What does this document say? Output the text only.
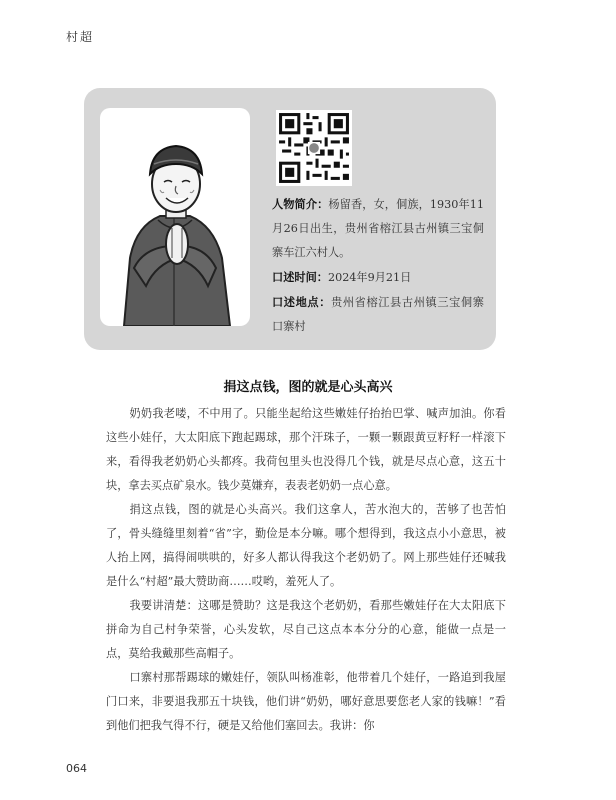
村超

人物简介：杨留香，女，侗族，1930年11月26日出生，贵州省榕江县古州镇三宝侗寨车江六村人。

口述时间：2024年9月21日

口述地点：贵州省榕江县古州镇三宝侗寨口寨村

捐这点钱，图的就是心头高兴

奶奶我老喽，不中用了。只能坐起给这些嫩娃仔抬抬巴掌、喊声加油。你看这些小娃仔，大太阳底下跑起踢球，那个汗珠子，一颗一颗跟黄豆籽籽一样滚下来，看得我老奶奶心头都疼。我荷包里头也没得几个钱，就是尽点心意，这五十块，拿去买点矿泉水。钱少莫嫌弃，表表老奶奶一点心意。

捐这点钱，图的就是心头高兴。我们这拿人，苦水泡大的，苦够了也苦怕了，骨头缝缝里刻着“省”字，勤俭是本分嘛。哪个想得到，我这点小小意思，被人抬上网，搞得闹哄哄的，好多人都认得我这个老奶奶了。网上那些娃仔还喊我是什么“村超”最大赞助商……哎哟，羞死人了。

我要讲清楚：这哪是赞助？这是我这个老奶奶，看那些嫩娃仔在大太阳底下拼命为自己村争荣誉，心头发软，尽自己这点本本分分的心意，能做一点是一点，莫给我戴那些高帽子。

口寨村那帮踢球的嫩娃仔，领队叫杨准彰，他带着几个娃仔，一路追到我屋门口来，非要退我那五十块钱，他们讲“奶奶，哪好意思要您老人家的钱嘛！”看到他们把我气得不行，硬是又给他们塞回去。我讲：你

064
